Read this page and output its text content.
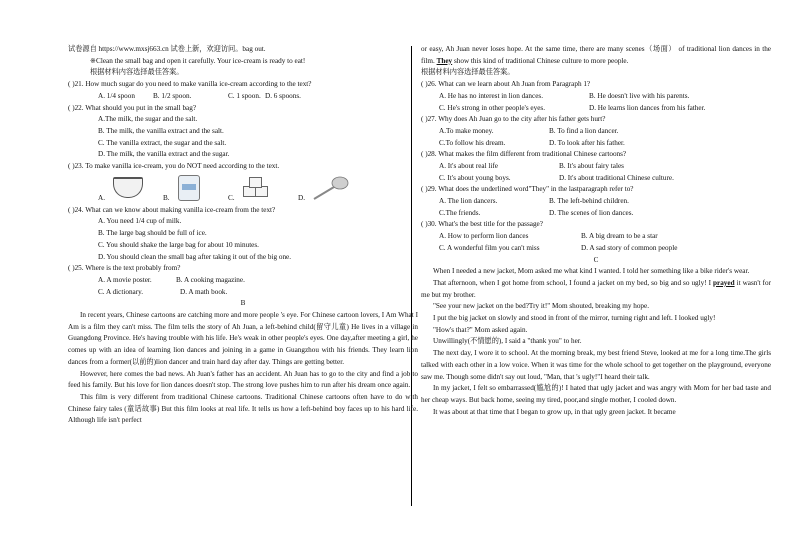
试卷源自 https://www.mxsj663.cn 试卷上新，欢迎访问。bag out.

※Clean the small bag and open it carefully. Your ice-cream is ready to eat!

根据材料内容选择最佳答案。

( )21. How much sugar do you need to make vanilla ice-cream according to the text?

A. 1/4 spoon	B. 1/2 spoon.	C. 1 spoon. D. 6 spoons.

( )22. What should you put in the small bag?

A.The milk, the sugar and the salt.

B. The milk, the vanilla extract and the salt.

C. The vanilla extract, the sugar and the salt.

D. The milk, the vanilla extract and the sugar.

( )23. To make vanilla ice-cream, you do NOT need according to the text.

A.	B.	C.	D.

( )24. What can we know about making vanilla ice-cream from the text?

A. You need 1/4 cup of milk.

B. The large bag should be full of ice.

C. You should shake the large bag for about 10 minutes.

D. You should clean the small bag after taking it out of the big one.

( )25. Where is the text probably from?

A. A movie poster.	B. A cooking magazine.
C. A dictionary.	D. A math book.

B

In recent years, Chinese cartoons are catching more and more people 's eye. For Chinese cartoon lovers, I Am What I Am is a film they can't miss. The film tells the story of Ah Juan, a left-behind child(留守儿童) He lives in a village in Guangdong Province. He's having trouble with his life. He's weak in other people's eyes. One day,after meeting a girl, he comes up with an idea of learning lion dances and joining in a game in Guangzhou with his friends. They learn lion dances from a former(以前的)lion dancer and train hard day after day. Things are getting better.

However, here comes the bad news. Ah Juan's father has an accident. Ah Juan has to go to the city and find a job to feed his family. But his love for lion dances doesn't stop. The strong love pushes him to run after his dream once again.

This film is very different from traditional Chinese cartoons. Traditional Chinese cartoons often have to do with Chinese fairy tales (童话故事) But this film looks at real life. It tells us how a left-behind boy faces up to his hard life. Although life isn't perfect

or easy, Ah Juan never loses hope. At the same time, there are many scenes（场面） of traditional lion dances in the film. They show this kind of traditional Chinese culture to more people.

根据材料内容选择最佳答案。

( )26. What can we learn about Ah Juan from Paragraph 1?

A. He has no interest in lion dances.	B. He doesn't live with his parents.
C. He's strong in other people's eyes.	D. He learns lion dances from his father.

( )27. Why does Ah Juan go to the city after his father gets hurt?

A.To make money.	B. To find a lion dancer.
C.To follow his dream.	D. To look after his father.

( )28. What makes the film different from traditional Chinese cartoons?

A. It's about real life	B. It's about fairy tales
C. It's about young boys.	D. It's about traditional Chinese culture.

( )29. What does the underlined word"They" in the lastparagraph refer to?

A. The lion dancers.	B. The left-behind children.
C.The friends.	D. The scenes of lion dances.

( )30. What's the best title for the passage?

A. How to perform lion dances	B. A big dream to be a star
C. A wonderful film you can't miss	D. A sad story of common people

C

When I needed a new jacket, Mom asked me what kind I wanted. I told her something like a bike rider's wear.

That afternoon, when I got home from school, I found a jacket on my bed, so big and so ugly! I prayed it wasn't for me but my brother.

"See your new jacket on the bed?Try it!" Mom shouted, breaking my hope.

I put the big jacket on slowly and stood in front of the mirror, turning right and left. I looked ugly!

"How's that?" Mom asked again.

Unwillingly(不情愿的), I said a "thank you" to her.

The next day, I wore it to school. At the morning break, my best friend Steve, looked at me for a long time.The girls talked with each other in a low voice. When it was time for the whole school to get together on the playground, everyone saw me. Though some didn't say out loud, "Man, that 's ugly!"I heard their talk.

In my jacket, I felt so embarrassed(尴尬的)! I hated that ugly jacket and was angry with Mom for her bad taste and her cheap ways. But back home, seeing my tired, poor,and single mother, I cooled down.

It was about at that time that I began to grow up, in that ugly green jacket. It became
